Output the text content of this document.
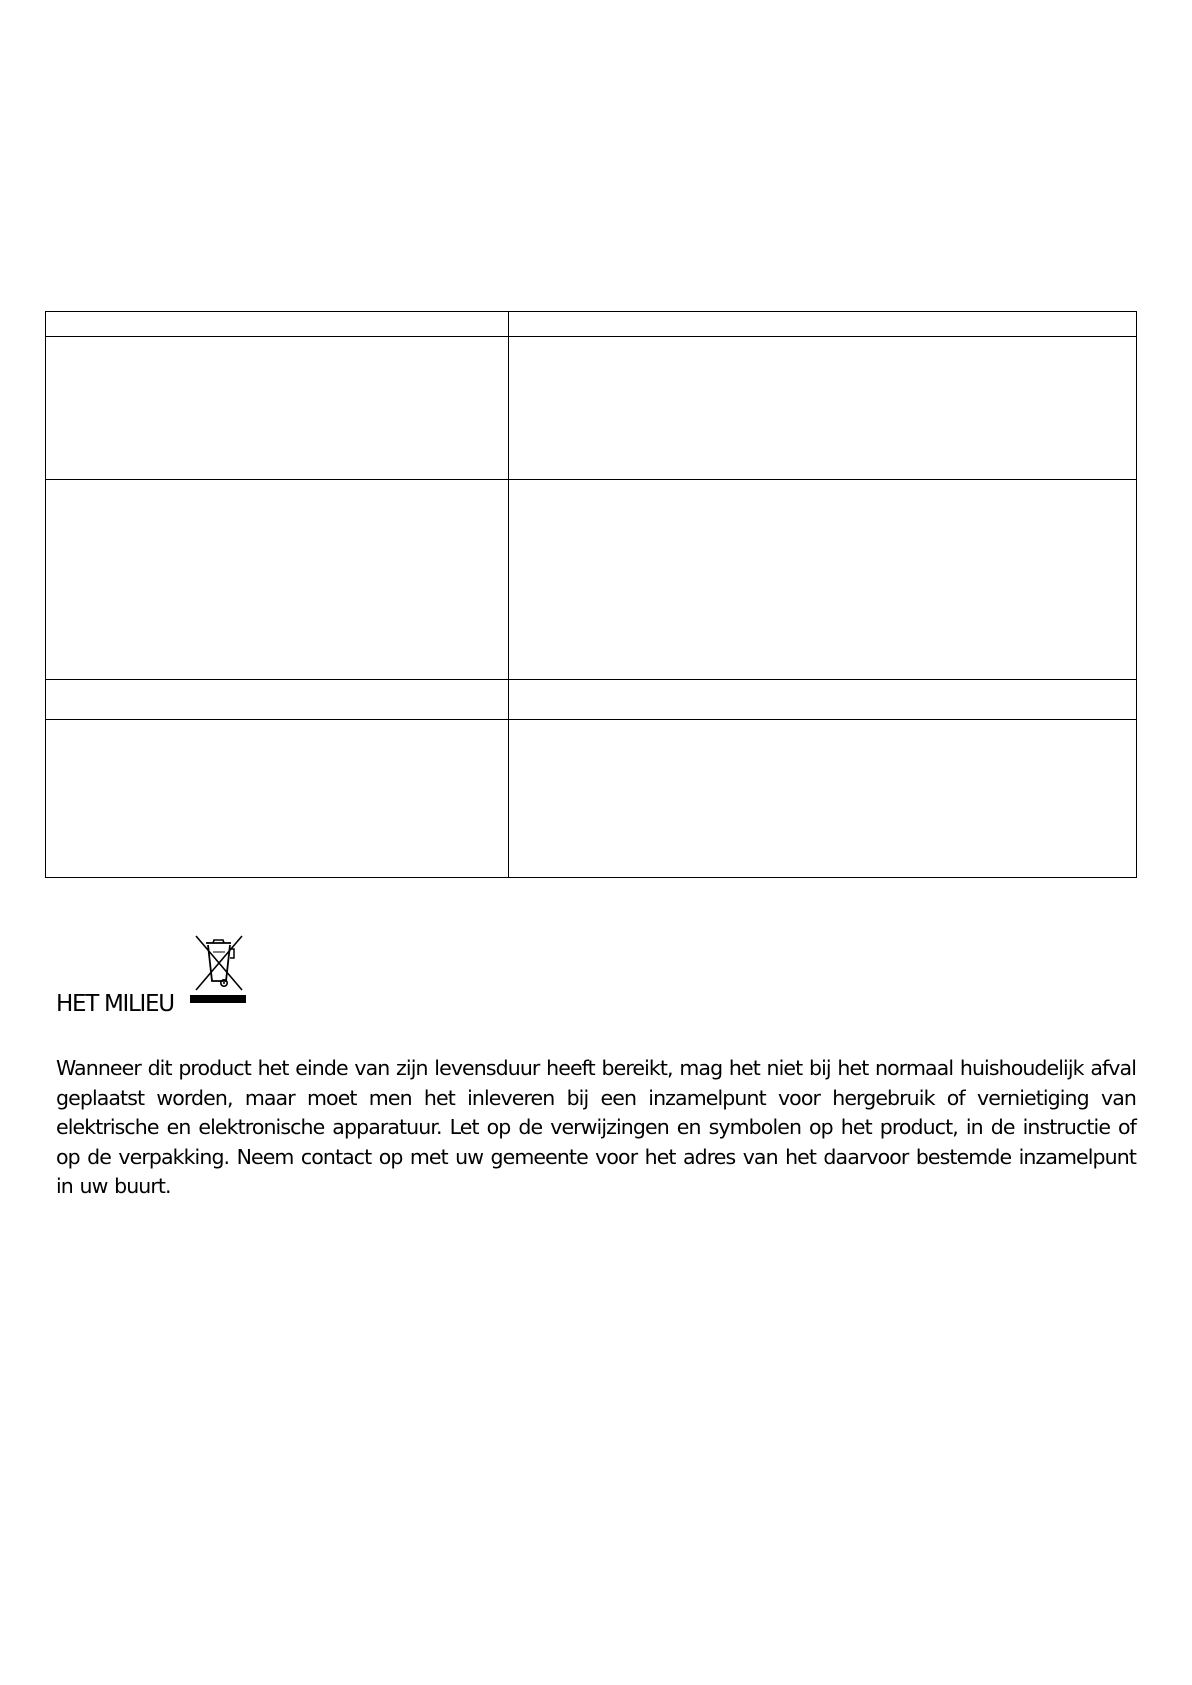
HET MILIEU

Wanneer dit product het einde van zijn levensduur heeft bereikt, mag het niet bij het normaal huishoudelijk afval geplaatst worden, maar moet men het inleveren bij een inzamelpunt voor hergebruik of vernietiging van elektrische en elektronische apparatuur. Let op de verwijzingen en symbolen op het product, in de instructie of op de verpakking. Neem contact op met uw gemeente voor het adres van het daarvoor bestemde inzamelpunt in uw buurt.
